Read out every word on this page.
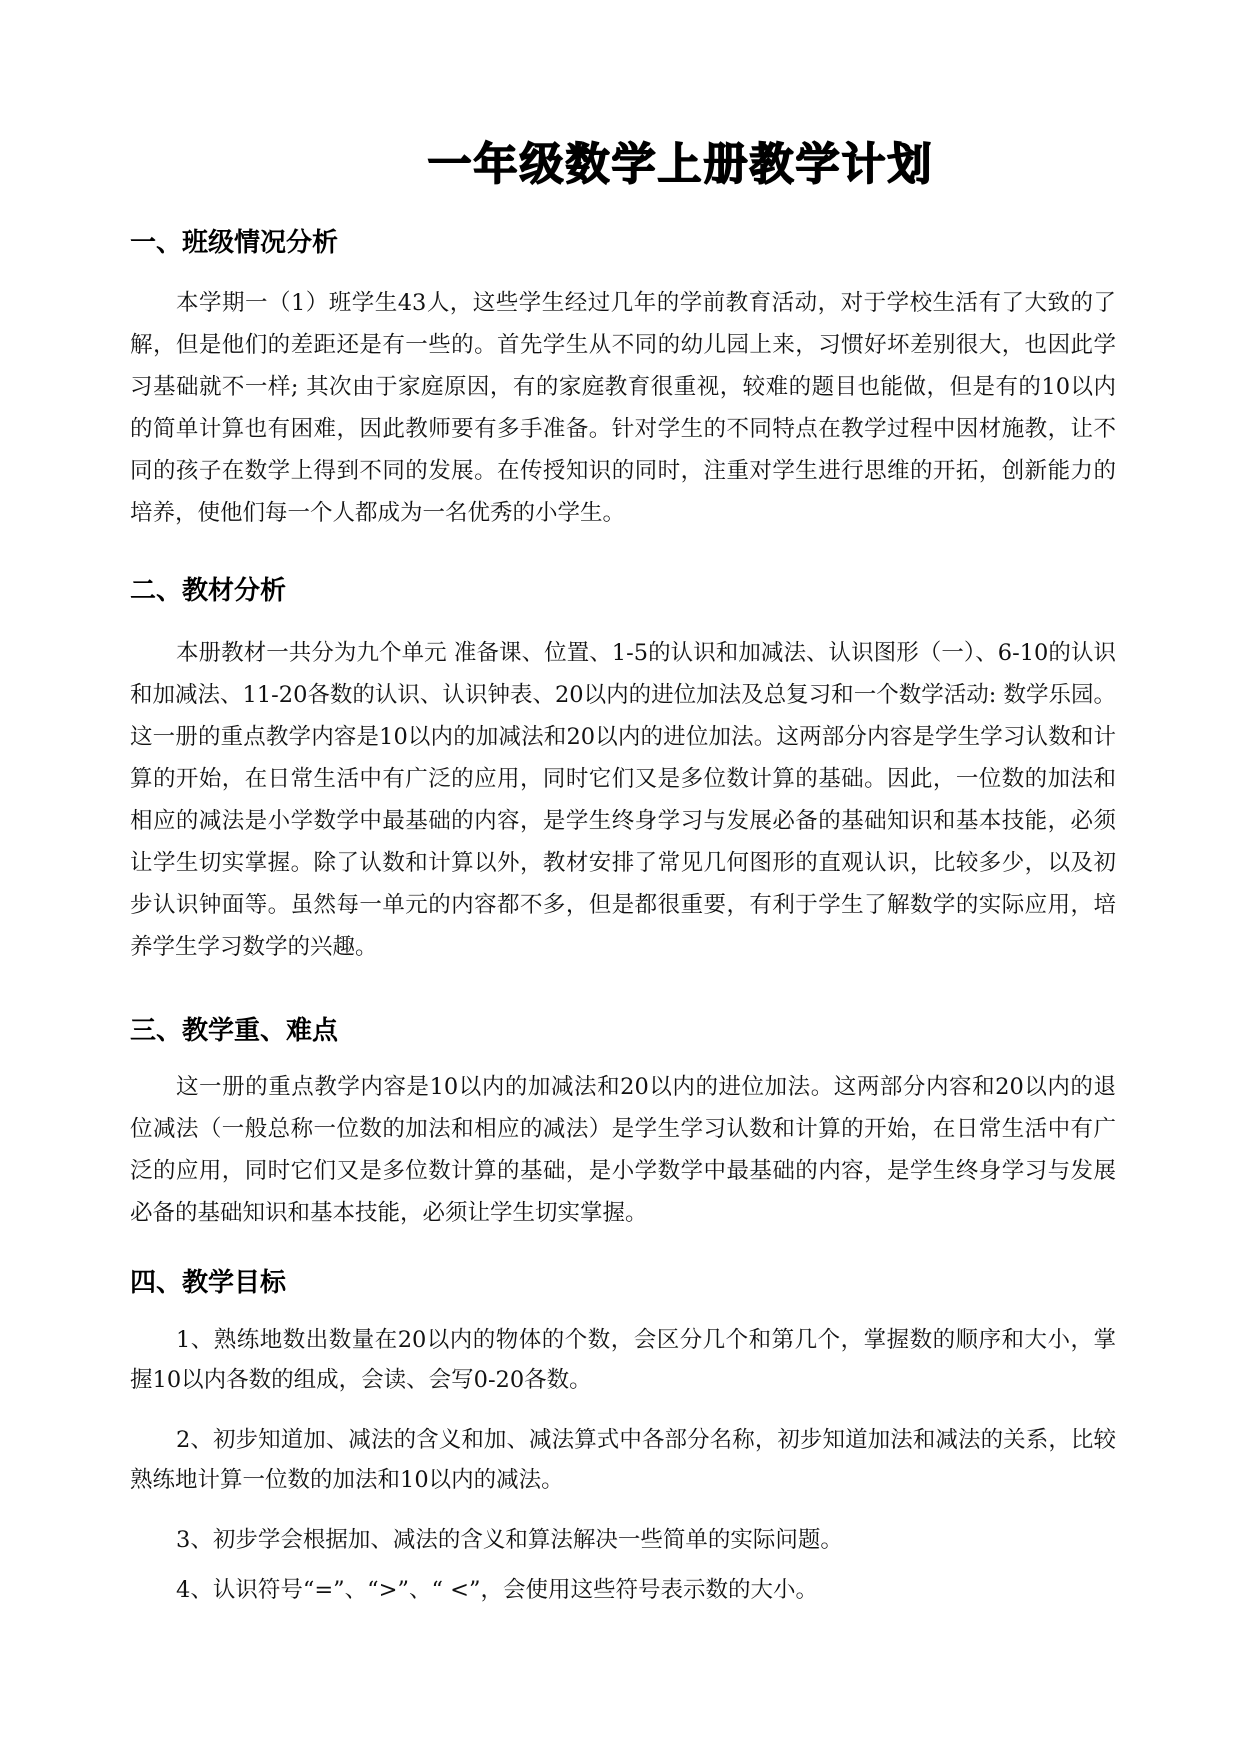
一年级数学上册教学计划
一、班级情况分析

本学期一（1）班学生43人，这些学生经过几年的学前教育活动，对于学校生活有了大致的了解，但是他们的差距还是有一些的。首先学生从不同的幼儿园上来，习惯好坏差别很大，也因此学习基础就不一样; 其次由于家庭原因，有的家庭教育很重视，较难的题目也能做，但是有的10以内的简单计算也有困难，因此教师要有多手准备。针对学生的不同特点在教学过程中因材施教，让不同的孩子在数学上得到不同的发展。在传授知识的同时，注重对学生进行思维的开拓，创新能力的培养，使他们每一个人都成为一名优秀的小学生。

二、教材分析

本册教材一共分为九个单元 准备课、位置、1-5的认识和加减法、认识图形（一）、6-10的认识和加减法、11-20各数的认识、认识钟表、20以内的进位加法及总复习和一个数学活动: 数学乐园。这一册的重点教学内容是10以内的加减法和20以内的进位加法。这两部分内容是学生学习认数和计算的开始，在日常生活中有广泛的应用，同时它们又是多位数计算的基础。因此，一位数的加法和相应的减法是小学数学中最基础的内容，是学生终身学习与发展必备的基础知识和基本技能，必须让学生切实掌握。除了认数和计算以外，教材安排了常见几何图形的直观认识，比较多少，以及初步认识钟面等。虽然每一单元的内容都不多，但是都很重要，有利于学生了解数学的实际应用，培养学生学习数学的兴趣。

三、教学重、难点

这一册的重点教学内容是10以内的加减法和20以内的进位加法。这两部分内容和20以内的退位减法（一般总称一位数的加法和相应的减法）是学生学习认数和计算的开始，在日常生活中有广泛的应用，同时它们又是多位数计算的基础，是小学数学中最基础的内容，是学生终身学习与发展必备的基础知识和基本技能，必须让学生切实掌握。

四、教学目标

1、熟练地数出数量在20以内的物体的个数，会区分几个和第几个，掌握数的顺序和大小，掌握10以内各数的组成，会读、会写0-20各数。

2、初步知道加、减法的含义和加、减法算式中各部分名称，初步知道加法和减法的关系，比较熟练地计算一位数的加法和10以内的减法。

3、初步学会根据加、减法的含义和算法解决一些简单的实际问题。

4、认识符号“=”、“>”、“ <”，会使用这些符号表示数的大小。
